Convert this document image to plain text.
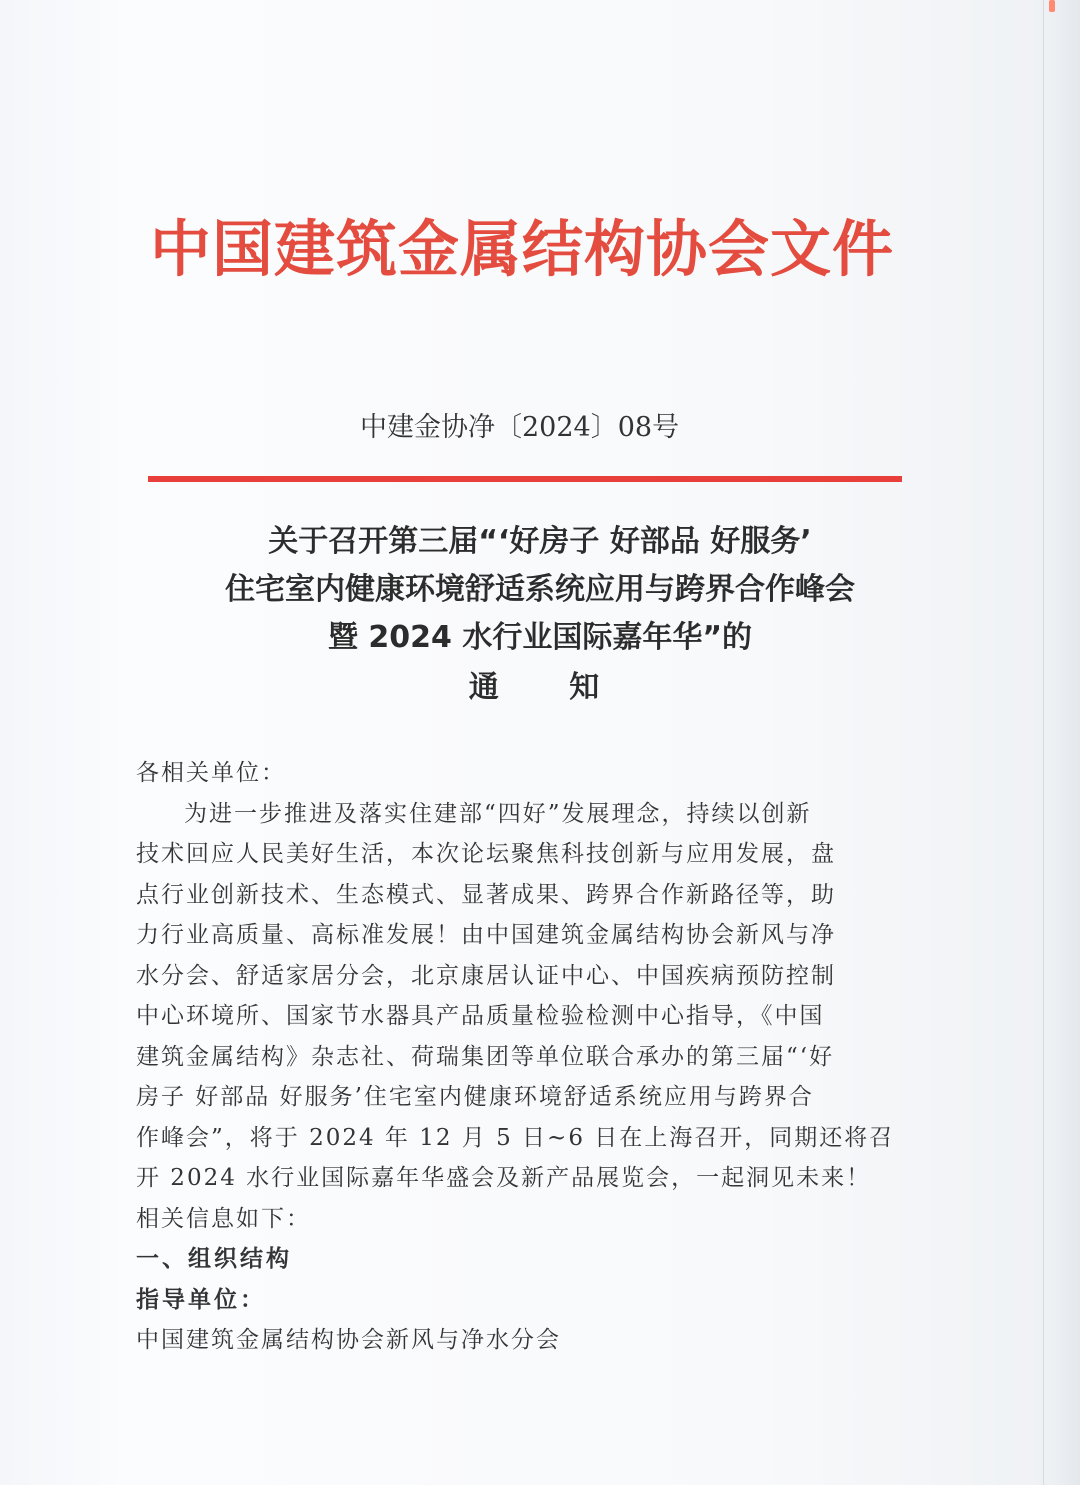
中国建筑金属结构协会文件
中建金协净〔2024〕08号
关于召开第三届“‘好房子 好部品 好服务’
住宅室内健康环境舒适系统应用与跨界合作峰会
暨 2024 水行业国际嘉年华”的
通 知
各相关单位：
为进一步推进及落实住建部“四好”发展理念，持续以创新
技术回应人民美好生活，本次论坛聚焦科技创新与应用发展，盘
点行业创新技术、生态模式、显著成果、跨界合作新路径等，助
力行业高质量、高标准发展！由中国建筑金属结构协会新风与净
水分会、舒适家居分会，北京康居认证中心、中国疾病预防控制
中心环境所、国家节水器具产品质量检验检测中心指导，《中国
建筑金属结构》杂志社、荷瑞集团等单位联合承办的第三届“‘好
房子 好部品 好服务’住宅室内健康环境舒适系统应用与跨界合
作峰会”，将于 2024 年 12 月 5 日~6 日在上海召开，同期还将召
开 2024 水行业国际嘉年华盛会及新产品展览会，一起洞见未来！
相关信息如下：
一、组织结构
指导单位：
中国建筑金属结构协会新风与净水分会
